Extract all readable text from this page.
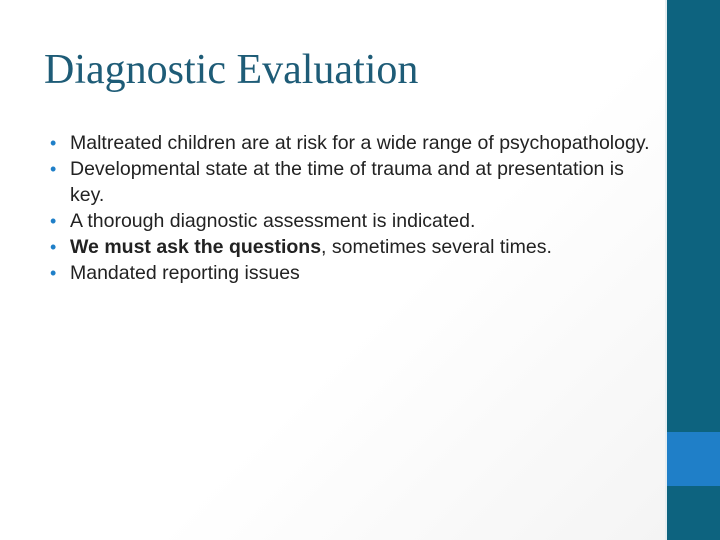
Diagnostic Evaluation
• Maltreated children are at risk for a wide range of psychopathology.
• Developmental state at the time of trauma and at presentation is key.
• A thorough diagnostic assessment is indicated.
• We must ask the questions, sometimes several times.
• Mandated reporting issues
